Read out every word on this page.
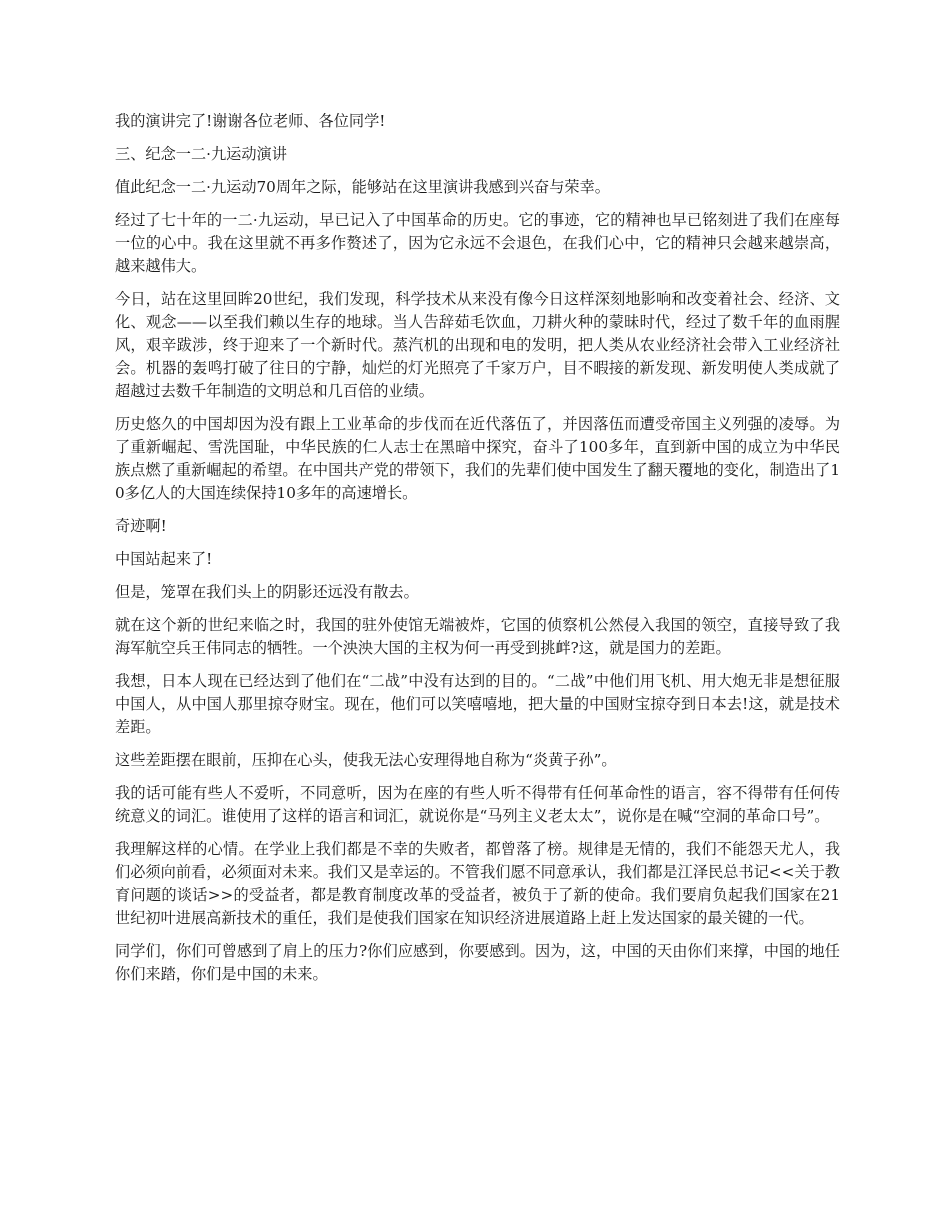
我的演讲完了!谢谢各位老师、各位同学!

三、纪念一二·九运动演讲

值此纪念一二·九运动70周年之际，能够站在这里演讲我感到兴奋与荣幸。

经过了七十年的一二·九运动，早已记入了中国革命的历史。它的事迹，它的精神也早已铭刻进了我们在座每一位的心中。我在这里就不再多作赘述了，因为它永远不会退色，在我们心中，它的精神只会越来越崇高，越来越伟大。

今日，站在这里回眸20世纪，我们发现，科学技术从来没有像今日这样深刻地影响和改变着社会、经济、文化、观念——以至我们赖以生存的地球。当人告辞茹毛饮血，刀耕火种的蒙昧时代，经过了数千年的血雨腥风，艰辛跋涉，终于迎来了一个新时代。蒸汽机的出现和电的发明，把人类从农业经济社会带入工业经济社会。机器的轰鸣打破了往日的宁静，灿烂的灯光照亮了千家万户，目不暇接的新发现、新发明使人类成就了超越过去数千年制造的文明总和几百倍的业绩。

历史悠久的中国却因为没有跟上工业革命的步伐而在近代落伍了，并因落伍而遭受帝国主义列强的凌辱。为了重新崛起、雪洗国耻，中华民族的仁人志士在黑暗中探究，奋斗了100多年，直到新中国的成立为中华民族点燃了重新崛起的希望。在中国共产党的带领下，我们的先辈们使中国发生了翻天覆地的变化，制造出了10多亿人的大国连续保持10多年的高速增长。

奇迹啊!

中国站起来了!

但是，笼罩在我们头上的阴影还远没有散去。

就在这个新的世纪来临之时，我国的驻外使馆无端被炸，它国的侦察机公然侵入我国的领空，直接导致了我海军航空兵王伟同志的牺牲。一个泱泱大国的主权为何一再受到挑衅?这，就是国力的差距。

我想，日本人现在已经达到了他们在“二战”中没有达到的目的。“二战”中他们用飞机、用大炮无非是想征服中国人，从中国人那里掠夺财宝。现在，他们可以笑嘻嘻地，把大量的中国财宝掠夺到日本去!这，就是技术差距。

这些差距摆在眼前，压抑在心头，使我无法心安理得地自称为“炎黄子孙”。

我的话可能有些人不爱听，不同意听，因为在座的有些人听不得带有任何革命性的语言，容不得带有任何传统意义的词汇。谁使用了这样的语言和词汇，就说你是“马列主义老太太”，说你是在喊“空洞的革命口号”。

我理解这样的心情。在学业上我们都是不幸的失败者，都曾落了榜。规律是无情的，我们不能怨天尤人，我们必须向前看，必须面对未来。我们又是幸运的。不管我们愿不同意承认，我们都是江泽民总书记<<关于教育问题的谈话>>的受益者，都是教育制度改革的受益者，被负于了新的使命。我们要肩负起我们国家在21世纪初叶进展高新技术的重任，我们是使我们国家在知识经济进展道路上赶上发达国家的最关键的一代。

同学们，你们可曾感到了肩上的压力?你们应感到，你要感到。因为，这，中国的天由你们来撑，中国的地任你们来踏，你们是中国的未来。
